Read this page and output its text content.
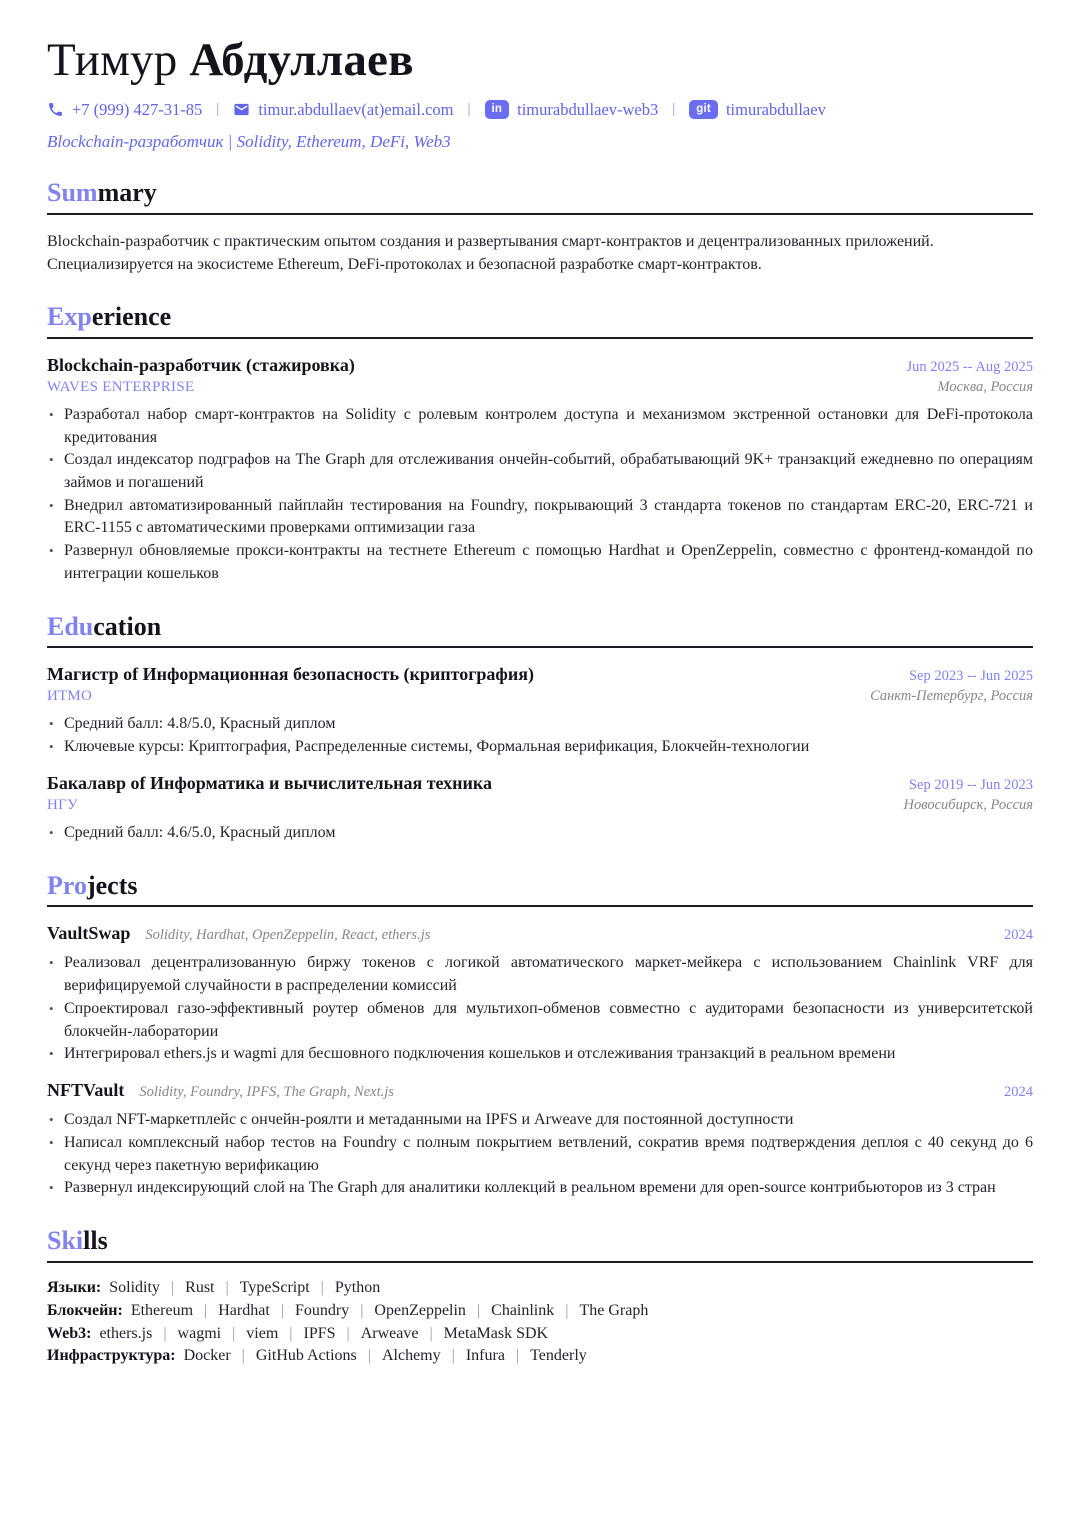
Тимур Абдуллаев
+7 (999) 427-31-85 | timur.abdullaev(at)email.com |	in timurabdullaev-web3 |	git timurabdullaev
Blockchain-разработчик | Solidity, Ethereum, DeFi, Web3
Summary

Blockchain-разработчик с практическим опытом создания и развертывания смарт-контрактов и децентрализованных приложений. Специализируется на экосистеме Ethereum, DeFi-протоколах и безопасной разработке смарт-контрактов.

Experience
Blockchain-разработчик (стажировка)	Jun 2025 -- Aug 2025
WAVES ENTERPRISE	Москва, Россия
• Разработал набор смарт-контрактов на Solidity с ролевым контролем доступа и механизмом экстренной остановки для DeFi-протокола кредитования
• Создал индексатор подграфов на The Graph для отслеживания ончейн-событий, обрабатывающий 9K+ транзакций ежедневно по операциям займов и погашений
• Внедрил автоматизированный пайплайн тестирования на Foundry, покрывающий 3 стандарта токенов по стандартам ERC-20, ERC-721 и ERC-1155 с автоматическими проверками оптимизации газа
• Развернул обновляемые прокси-контракты на тестнете Ethereum с помощью Hardhat и OpenZeppelin, совместно с фронтенд-командой по интеграции кошельков
Education
Магистр of Информационная безопасность (криптография)	Sep 2023 -- Jun 2025
ИТМО	Санкт-Петербург, Россия
• Средний балл: 4.8/5.0, Красный диплом
• Ключевые курсы: Криптография, Распределенные системы, Формальная верификация, Блокчейн-технологии
Бакалавр of Информатика и вычислительная техника	Sep 2019 -- Jun 2023
НГУ	Новосибирск, Россия
• Средний балл: 4.6/5.0, Красный диплом
Projects
VaultSwap Solidity, Hardhat, OpenZeppelin, React, ethers.js	2024
• Реализовал децентрализованную биржу токенов с логикой автоматического маркет-мейкера с использованием Chainlink VRF для верифицируемой случайности в распределении комиссий
• Спроектировал газо-эффективный роутер обменов для мультихоп-обменов совместно с аудиторами безопасности из университетской блокчейн-лаборатории
• Интегрировал ethers.js и wagmi для бесшовного подключения кошельков и отслеживания транзакций в реальном времени
NFTVault Solidity, Foundry, IPFS, The Graph, Next.js	2024
• Создал NFT-маркетплейс с ончейн-роялти и метаданными на IPFS и Arweave для постоянной доступности
• Написал комплексный набор тестов на Foundry с полным покрытием ветвлений, сократив время подтверждения деплоя с 40 секунд до 6 секунд через пакетную верификацию
• Развернул индексирующий слой на The Graph для аналитики коллекций в реальном времени для open-source контрибьюторов из 3 стран
Skills
Языки: Solidity | Rust | TypeScript | Python
Блокчейн: Ethereum | Hardhat | Foundry | OpenZeppelin | Chainlink | The Graph
Web3: ethers.js | wagmi | viem | IPFS | Arweave | MetaMask SDK
Инфраструктура: Docker | GitHub Actions | Alchemy | Infura | Tenderly
